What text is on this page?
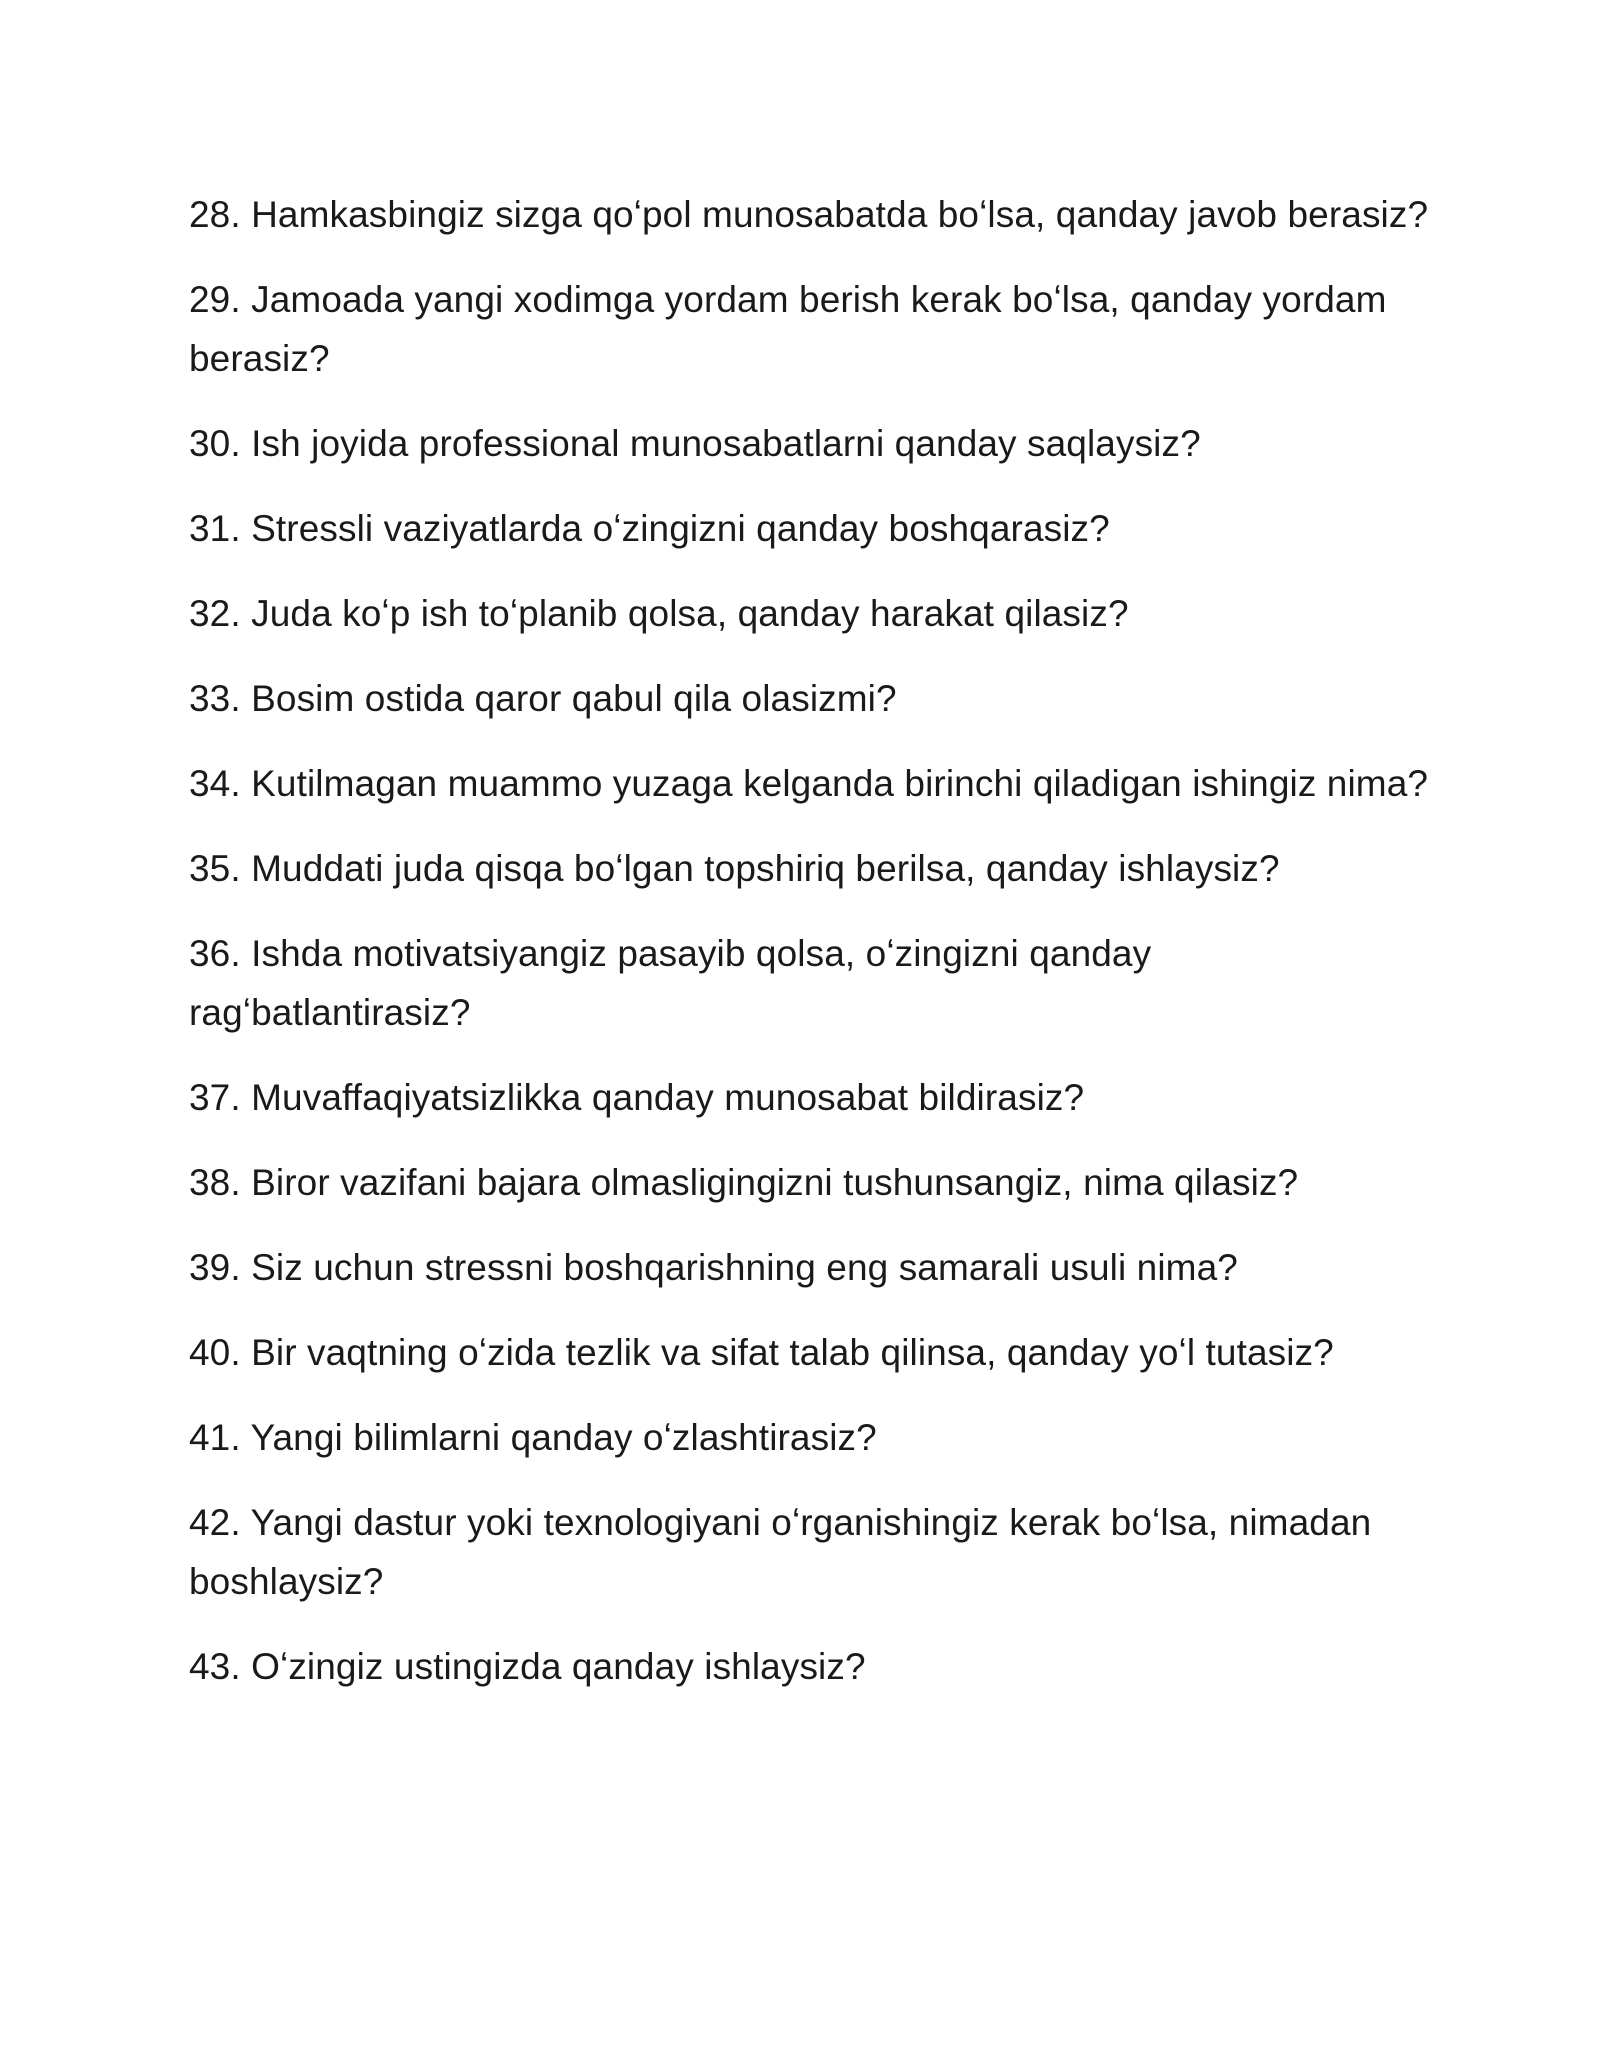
28. Hamkasbingiz sizga qoʻpol munosabatda boʻlsa, qanday javob berasiz?

29. Jamoada yangi xodimga yordam berish kerak boʻlsa, qanday yordam berasiz?

30. Ish joyida professional munosabatlarni qanday saqlaysiz?

31. Stressli vaziyatlarda oʻzingizni qanday boshqarasiz?

32. Juda koʻp ish toʻplanib qolsa, qanday harakat qilasiz?

33. Bosim ostida qaror qabul qila olasizmi?

34. Kutilmagan muammo yuzaga kelganda birinchi qiladigan ishingiz nima?

35. Muddati juda qisqa boʻlgan topshiriq berilsa, qanday ishlaysiz?

36. Ishda motivatsiyangiz pasayib qolsa, oʻzingizni qanday ragʻbatlantirasiz?

37. Muvaffaqiyatsizlikka qanday munosabat bildirasiz?

38. Biror vazifani bajara olmasligingizni tushunsangiz, nima qilasiz?

39. Siz uchun stressni boshqarishning eng samarali usuli nima?

40. Bir vaqtning oʻzida tezlik va sifat talab qilinsa, qanday yoʻl tutasiz?

41. Yangi bilimlarni qanday oʻzlashtirasiz?

42. Yangi dastur yoki texnologiyani oʻrganishingiz kerak boʻlsa, nimadan boshlaysiz?

43. Oʻzingiz ustingizda qanday ishlaysiz?
